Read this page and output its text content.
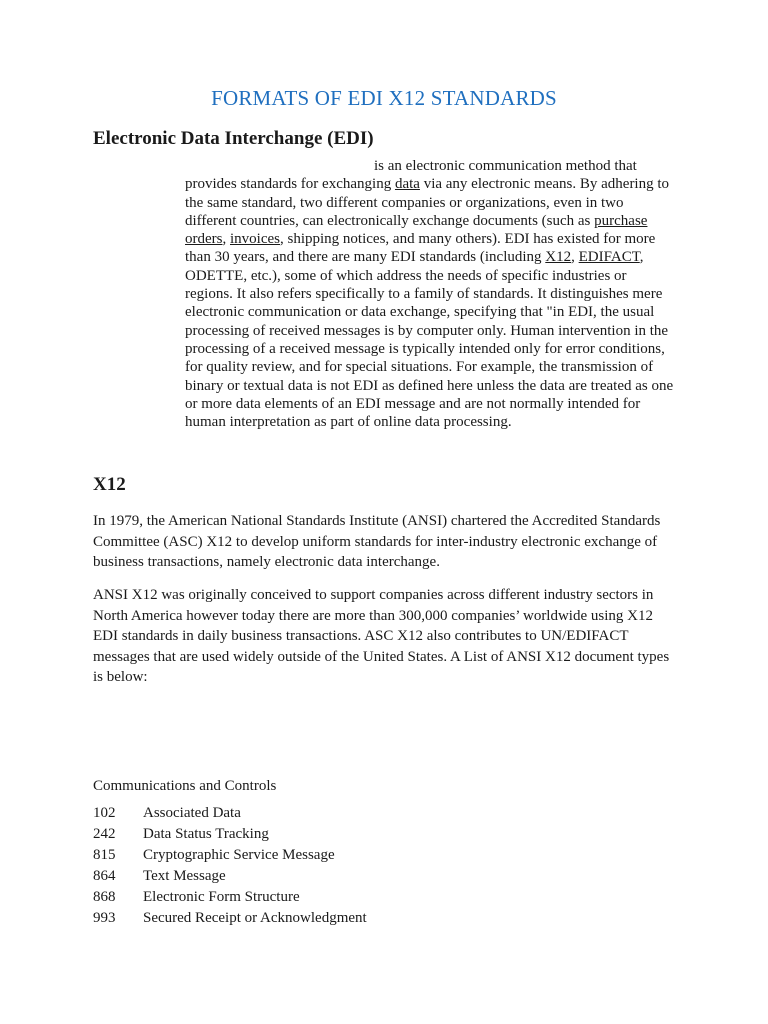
FORMATS OF EDI X12 STANDARDS
Electronic Data Interchange (EDI)
is an electronic communication method that provides standards for exchanging data via any electronic means. By adhering to the same standard, two different companies or organizations, even in two different countries, can electronically exchange documents (such as purchase orders, invoices, shipping notices, and many others). EDI has existed for more than 30 years, and there are many EDI standards (including X12, EDIFACT, ODETTE, etc.), some of which address the needs of specific industries or regions. It also refers specifically to a family of standards. It distinguishes mere electronic communication or data exchange, specifying that "in EDI, the usual processing of received messages is by computer only. Human intervention in the processing of a received message is typically intended only for error conditions, for quality review, and for special situations. For example, the transmission of binary or textual data is not EDI as defined here unless the data are treated as one or more data elements of an EDI message and are not normally intended for human interpretation as part of online data processing.
X12
In 1979, the American National Standards Institute (ANSI) chartered the Accredited Standards Committee (ASC) X12 to develop uniform standards for inter-industry electronic exchange of business transactions, namely electronic data interchange.
ANSI X12 was originally conceived to support companies across different industry sectors in North America however today there are more than 300,000 companies’ worldwide using X12 EDI standards in daily business transactions. ASC X12 also contributes to UN/EDIFACT messages that are used widely outside of the United States. A List of ANSI X12 document types is below:
Communications and Controls
102	Associated Data
242	Data Status Tracking
815	Cryptographic Service Message
864	Text Message
868	Electronic Form Structure
993	Secured Receipt or Acknowledgment
